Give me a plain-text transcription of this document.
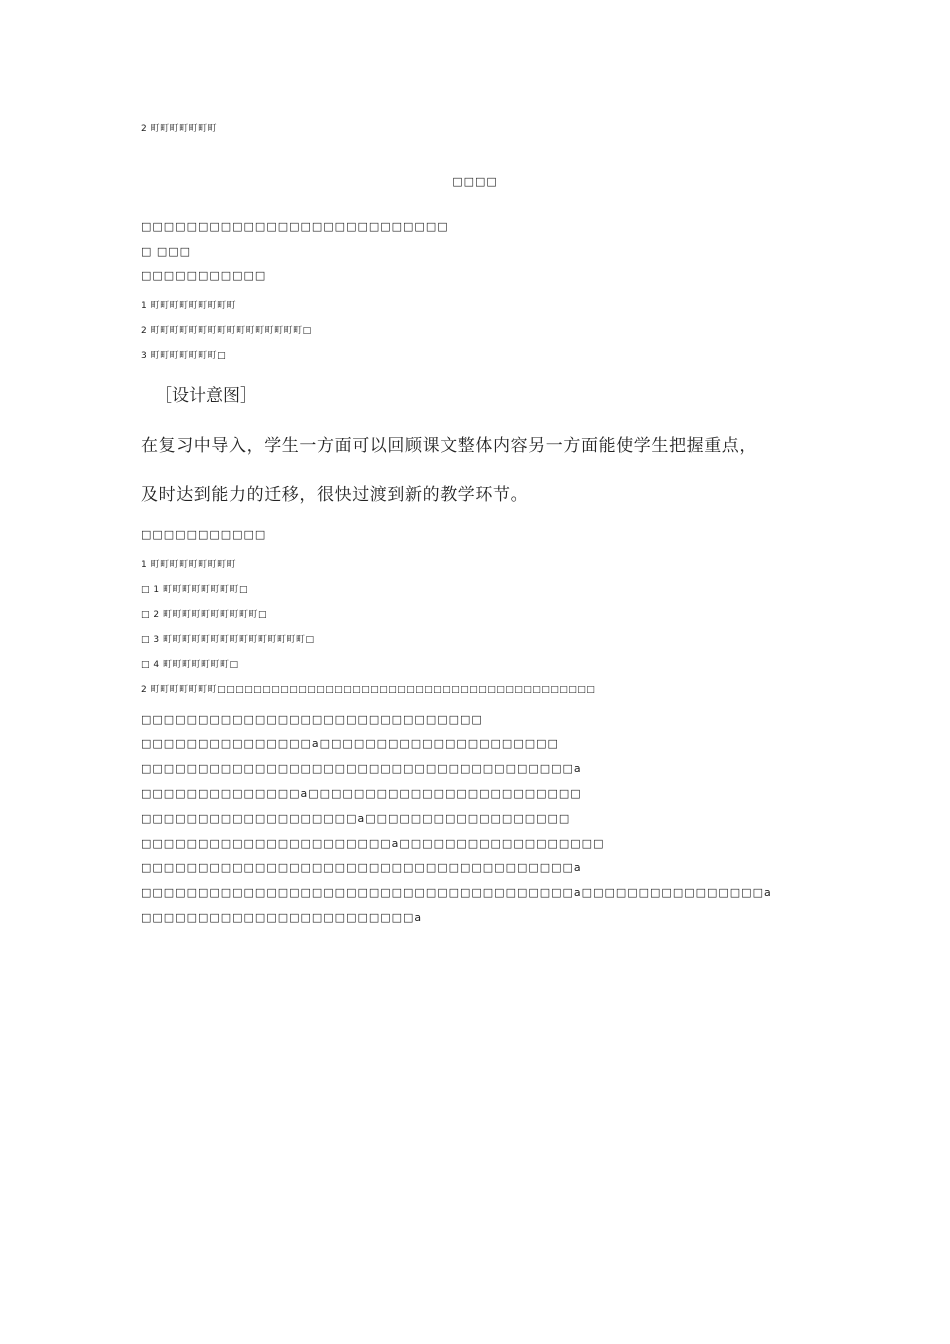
2 町町町町町町町
□□□□
□□□□□□□□□□□□□□□□□□□□□□□□□□□
□ □□□
□□□□□□□□□□□
1 町町町町町町町町町
2 町町町町町町町町町町町町町町町町□
3 町町町町町町町□
［设计意图］
在复习中导入，学生一方面可以回顾课文整体内容另一方面能使学生把握重点，
及时达到能力的迁移，很快过渡到新的教学环节。
□□□□□□□□□□□
1 町町町町町町町町町
□ 1 町町町町町町町町□
□ 2 町町町町町町町町町町□
□ 3 町町町町町町町町町町町町町町町□
□ 4 町町町町町町町□
2 町町町町町町町□□□□□□□□□□□□□□□□□□□□□□□□□□□□□□□□□□□□□□□□□□
□□□□□□□□□□□□□□□□□□□□□□□□□□□□□□
□□□□□□□□□□□□□□□a□□□□□□□□□□□□□□□□□□□□□
□□□□□□□□□□□□□□□□□□□□□□□□□□□□□□□□□□□□□□a
□□□□□□□□□□□□□□a□□□□□□□□□□□□□□□□□□□□□□□□
□□□□□□□□□□□□□□□□□□□a□□□□□□□□□□□□□□□□□□
□□□□□□□□□□□□□□□□□□□□□□a□□□□□□□□□□□□□□□□□□
□□□□□□□□□□□□□□□□□□□□□□□□□□□□□□□□□□□□□□a
□□□□□□□□□□□□□□□□□□□□□□□□□□□□□□□□□□□□□□a□□□□□□□□□□□□□□□□a
□□□□□□□□□□□□□□□□□□□□□□□□a
